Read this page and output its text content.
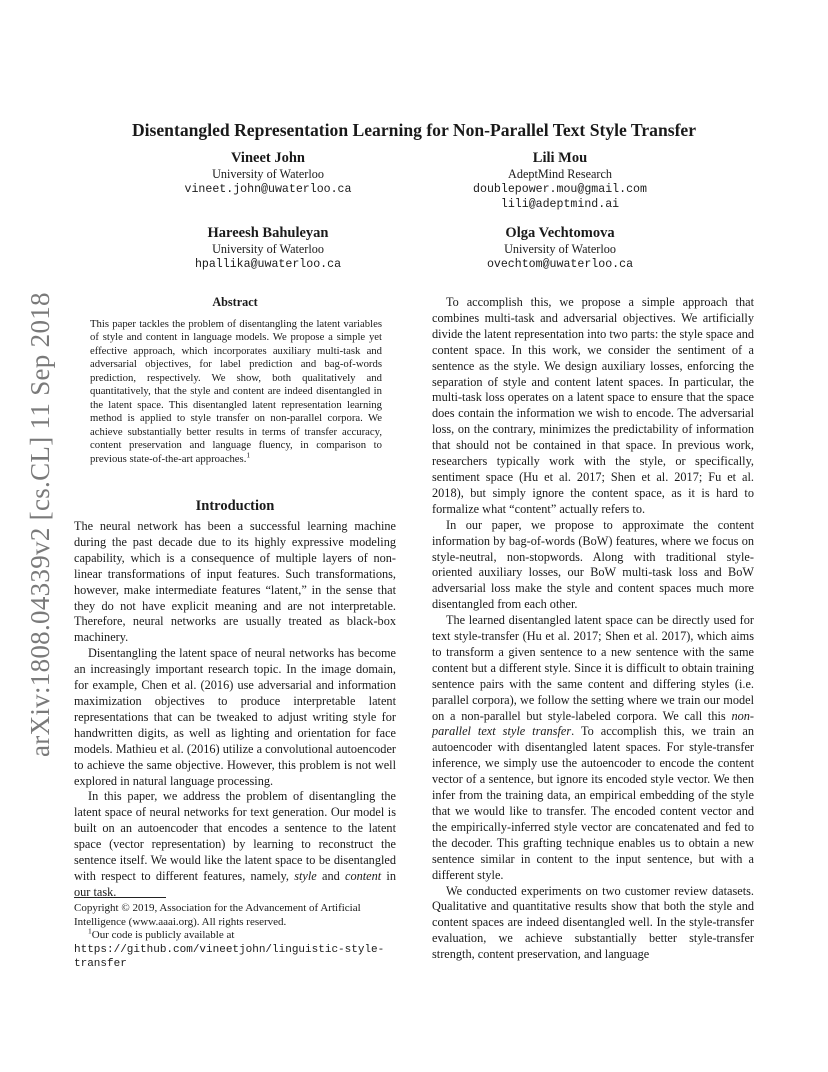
arXiv:1808.04339v2 [cs.CL] 11 Sep 2018
Disentangled Representation Learning for Non-Parallel Text Style Transfer
Vineet John
University of Waterloo
vineet.john@uwaterloo.ca
Lili Mou
AdeptMind Research
doublepower.mou@gmail.com
lili@adeptmind.ai
Hareesh Bahuleyan
University of Waterloo
hpallika@uwaterloo.ca
Olga Vechtomova
University of Waterloo
ovechtom@uwaterloo.ca
Abstract

This paper tackles the problem of disentangling the latent variables of style and content in language models. We propose a simple yet effective approach, which incorporates auxiliary multi-task and adversarial objectives, for label prediction and bag-of-words prediction, respectively. We show, both qualitatively and quantitatively, that the style and content are indeed disentangled in the latent space. This disentangled latent representation learning method is applied to style transfer on non-parallel corpora. We achieve substantially better results in terms of transfer accuracy, content preservation and language fluency, in comparison to previous state-of-the-art approaches.$^1$

Introduction

The neural network has been a successful learning machine during the past decade due to its highly expressive modeling capability, which is a consequence of multiple layers of non-linear transformations of input features. Such transformations, however, make intermediate features “latent,” in the sense that they do not have explicit meaning and are not interpretable. Therefore, neural networks are usually treated as black-box machinery.

Disentangling the latent space of neural networks has become an increasingly important research topic. In the image domain, for example, Chen et al. (2016) use adversarial and information maximization objectives to produce interpretable latent representations that can be tweaked to adjust writing style for handwritten digits, as well as lighting and orientation for face models. Mathieu et al. (2016) utilize a convolutional autoencoder to achieve the same objective. However, this problem is not well explored in natural language processing.

In this paper, we address the problem of disentangling the latent space of neural networks for text generation. Our model is built on an autoencoder that encodes a sentence to the latent space (vector representation) by learning to reconstruct the sentence itself. We would like the latent space to be disentangled with respect to different features, namely, style and content in our task.

Copyright © 2019, Association for the Advancement of Artificial Intelligence (www.aaai.org). All rights reserved.

$^1$Our code is publicly available at https://github.com/vineetjohn/linguistic-style-transfer

To accomplish this, we propose a simple approach that combines multi-task and adversarial objectives. We artificially divide the latent representation into two parts: the style space and content space. In this work, we consider the sentiment of a sentence as the style. We design auxiliary losses, enforcing the separation of style and content latent spaces. In particular, the multi-task loss operates on a latent space to ensure that the space does contain the information we wish to encode. The adversarial loss, on the contrary, minimizes the predictability of information that should not be contained in that space. In previous work, researchers typically work with the style, or specifically, sentiment space (Hu et al. 2017; Shen et al. 2017; Fu et al. 2018), but simply ignore the content space, as it is hard to formalize what “content” actually refers to.

In our paper, we propose to approximate the content information by bag-of-words (BoW) features, where we focus on style-neutral, non-stopwords. Along with traditional style-oriented auxiliary losses, our BoW multi-task loss and BoW adversarial loss make the style and content spaces much more disentangled from each other.

The learned disentangled latent space can be directly used for text style-transfer (Hu et al. 2017; Shen et al. 2017), which aims to transform a given sentence to a new sentence with the same content but a different style. Since it is difficult to obtain training sentence pairs with the same content and differing styles (i.e. parallel corpora), we follow the setting where we train our model on a non-parallel but style-labeled corpora. We call this non-parallel text style transfer. To accomplish this, we train an autoencoder with disentangled latent spaces. For style-transfer inference, we simply use the autoencoder to encode the content vector of a sentence, but ignore its encoded style vector. We then infer from the training data, an empirical embedding of the style that we would like to transfer. The encoded content vector and the empirically-inferred style vector are concatenated and fed to the decoder. This grafting technique enables us to obtain a new sentence similar in content to the input sentence, but with a different style.

We conducted experiments on two customer review datasets. Qualitative and quantitative results show that both the style and content spaces are indeed disentangled well. In the style-transfer evaluation, we achieve substantially better style-transfer strength, content preservation, and language
